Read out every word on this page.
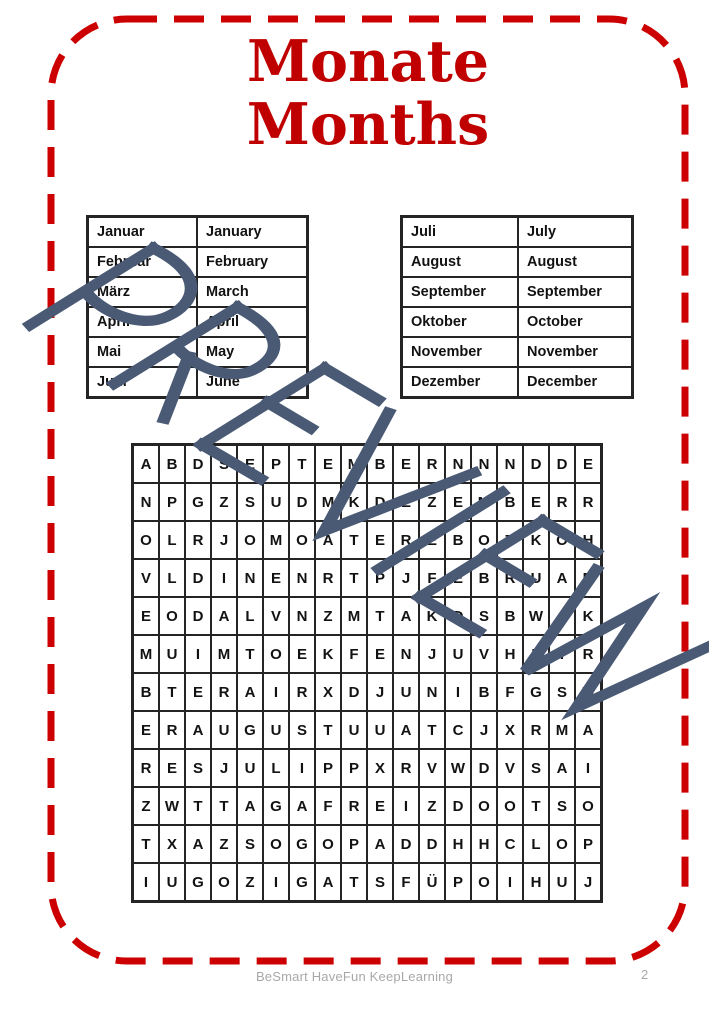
Monate
Months
Januar	January
Februar	February
März	March
April	April
Mai	May
Juni	June
Juli	July
August	August
September	September
Oktober	October
November	November
Dezember	December
A	B	D	S	E	P	T	E M B	E	R	N	N	N	D	D	E
N	P	G	Z	S	U	D M K	D	E	Z	E M B	E	R	R
O	L	R	J	O M O Ä	T	E	R	E	B O	T	K O H
V	L	D	I	N	E	N	R	T	P	J	F	E	B	R	U	A	R
E	O D	A	L	V	N	Z	M	T	A	K	D	S	B W A	K
M U	I	M	T	O	E	K	F	E	N	J	U	V	H	L	T	R
B	T	E	R	A	I	R	X	D	J	U	N	I	B	F	G	S M
E	R	A	U G U	S	T	U	U	A	T	C	J	X	R M A
R	E	S	J	U	L	I	P	P	X	R	V W D	V	S	A	I
Z W T	T	A G A	F	R	E	I	Z	D O O	T	S	O
T	X	A	Z	S	O G O	P	A	D	D	H	H	C	L	O	P
I	U G O	Z	I	G A	T	S	F	Ü	P	O	I	H	U	J
BeSmart HaveFun KeepLearning	2
